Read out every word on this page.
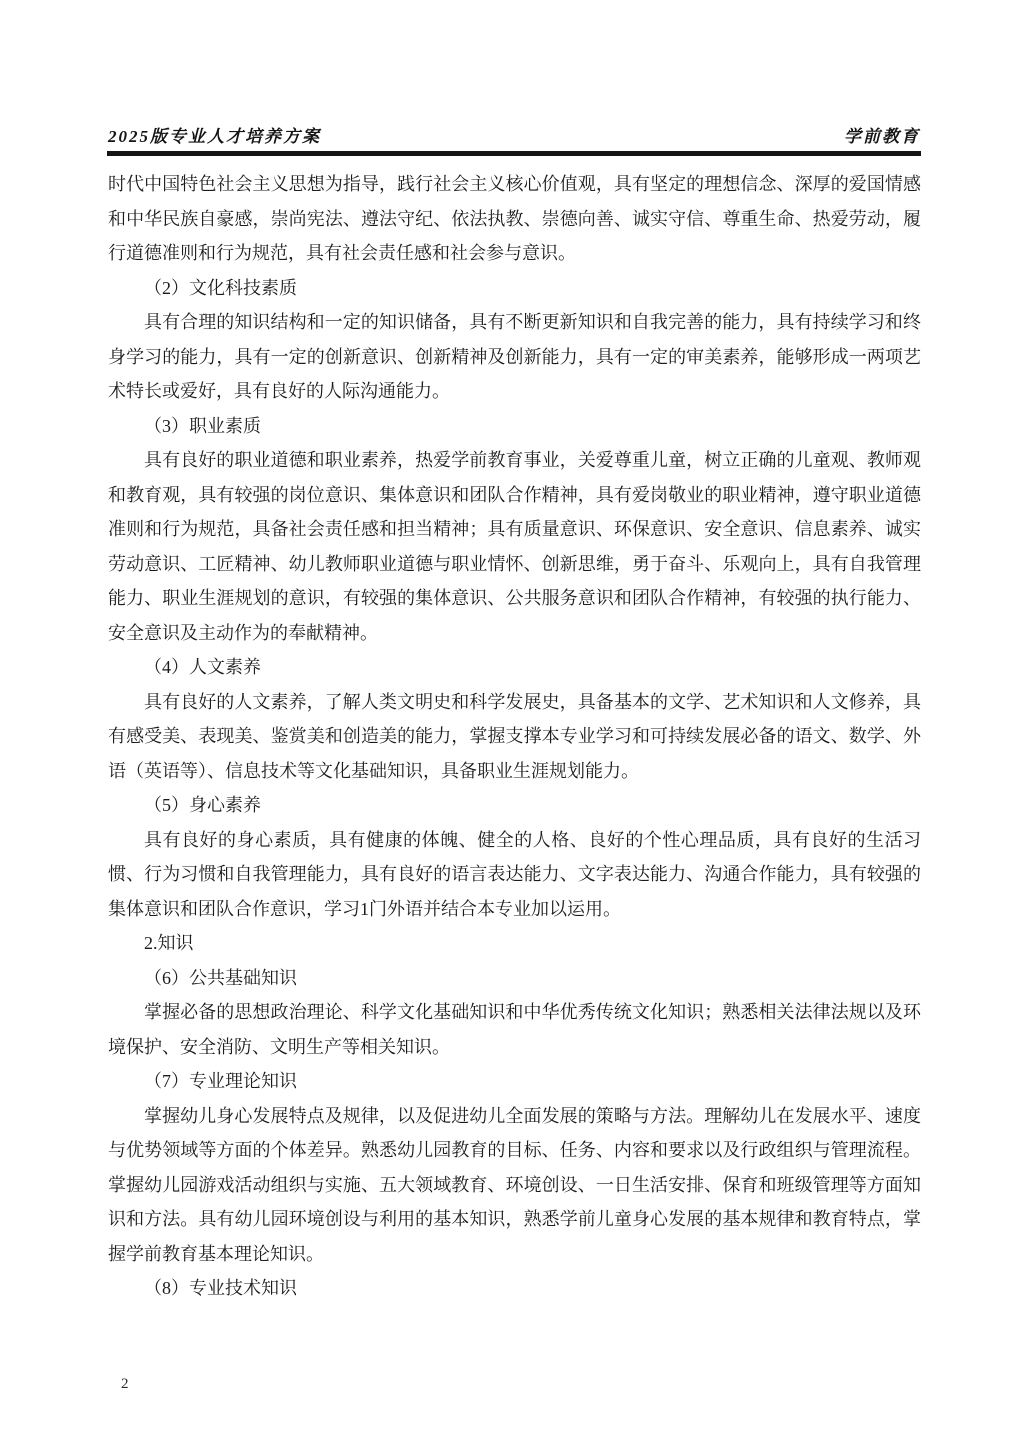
2025版专业人才培养方案	学前教育

时代中国特色社会主义思想为指导，践行社会主义核心价值观，具有坚定的理想信念、深厚的爱国情感和中华民族自豪感，崇尚宪法、遵法守纪、依法执教、崇德向善、诚实守信、尊重生命、热爱劳动，履行道德准则和行为规范，具有社会责任感和社会参与意识。

（2）文化科技素质

具有合理的知识结构和一定的知识储备，具有不断更新知识和自我完善的能力，具有持续学习和终身学习的能力，具有一定的创新意识、创新精神及创新能力，具有一定的审美素养，能够形成一两项艺术特长或爱好，具有良好的人际沟通能力。

（3）职业素质

具有良好的职业道德和职业素养，热爱学前教育事业，关爱尊重儿童，树立正确的儿童观、教师观和教育观，具有较强的岗位意识、集体意识和团队合作精神，具有爱岗敬业的职业精神，遵守职业道德准则和行为规范，具备社会责任感和担当精神；具有质量意识、环保意识、安全意识、信息素养、诚实劳动意识、工匠精神、幼儿教师职业道德与职业情怀、创新思维，勇于奋斗、乐观向上，具有自我管理能力、职业生涯规划的意识，有较强的集体意识、公共服务意识和团队合作精神，有较强的执行能力、安全意识及主动作为的奉献精神。

（4）人文素养

具有良好的人文素养，了解人类文明史和科学发展史，具备基本的文学、艺术知识和人文修养，具有感受美、表现美、鉴赏美和创造美的能力，掌握支撑本专业学习和可持续发展必备的语文、数学、外语（英语等）、信息技术等文化基础知识，具备职业生涯规划能力。

（5）身心素养

具有良好的身心素质，具有健康的体魄、健全的人格、良好的个性心理品质，具有良好的生活习惯、行为习惯和自我管理能力，具有良好的语言表达能力、文字表达能力、沟通合作能力，具有较强的集体意识和团队合作意识，学习1门外语并结合本专业加以运用。

2.知识

（6）公共基础知识

掌握必备的思想政治理论、科学文化基础知识和中华优秀传统文化知识；熟悉相关法律法规以及环境保护、安全消防、文明生产等相关知识。

（7）专业理论知识

掌握幼儿身心发展特点及规律，以及促进幼儿全面发展的策略与方法。理解幼儿在发展水平、速度与优势领域等方面的个体差异。熟悉幼儿园教育的目标、任务、内容和要求以及行政组织与管理流程。掌握幼儿园游戏活动组织与实施、五大领域教育、环境创设、一日生活安排、保育和班级管理等方面知识和方法。具有幼儿园环境创设与利用的基本知识，熟悉学前儿童身心发展的基本规律和教育特点，掌握学前教育基本理论知识。

（8）专业技术知识

2
